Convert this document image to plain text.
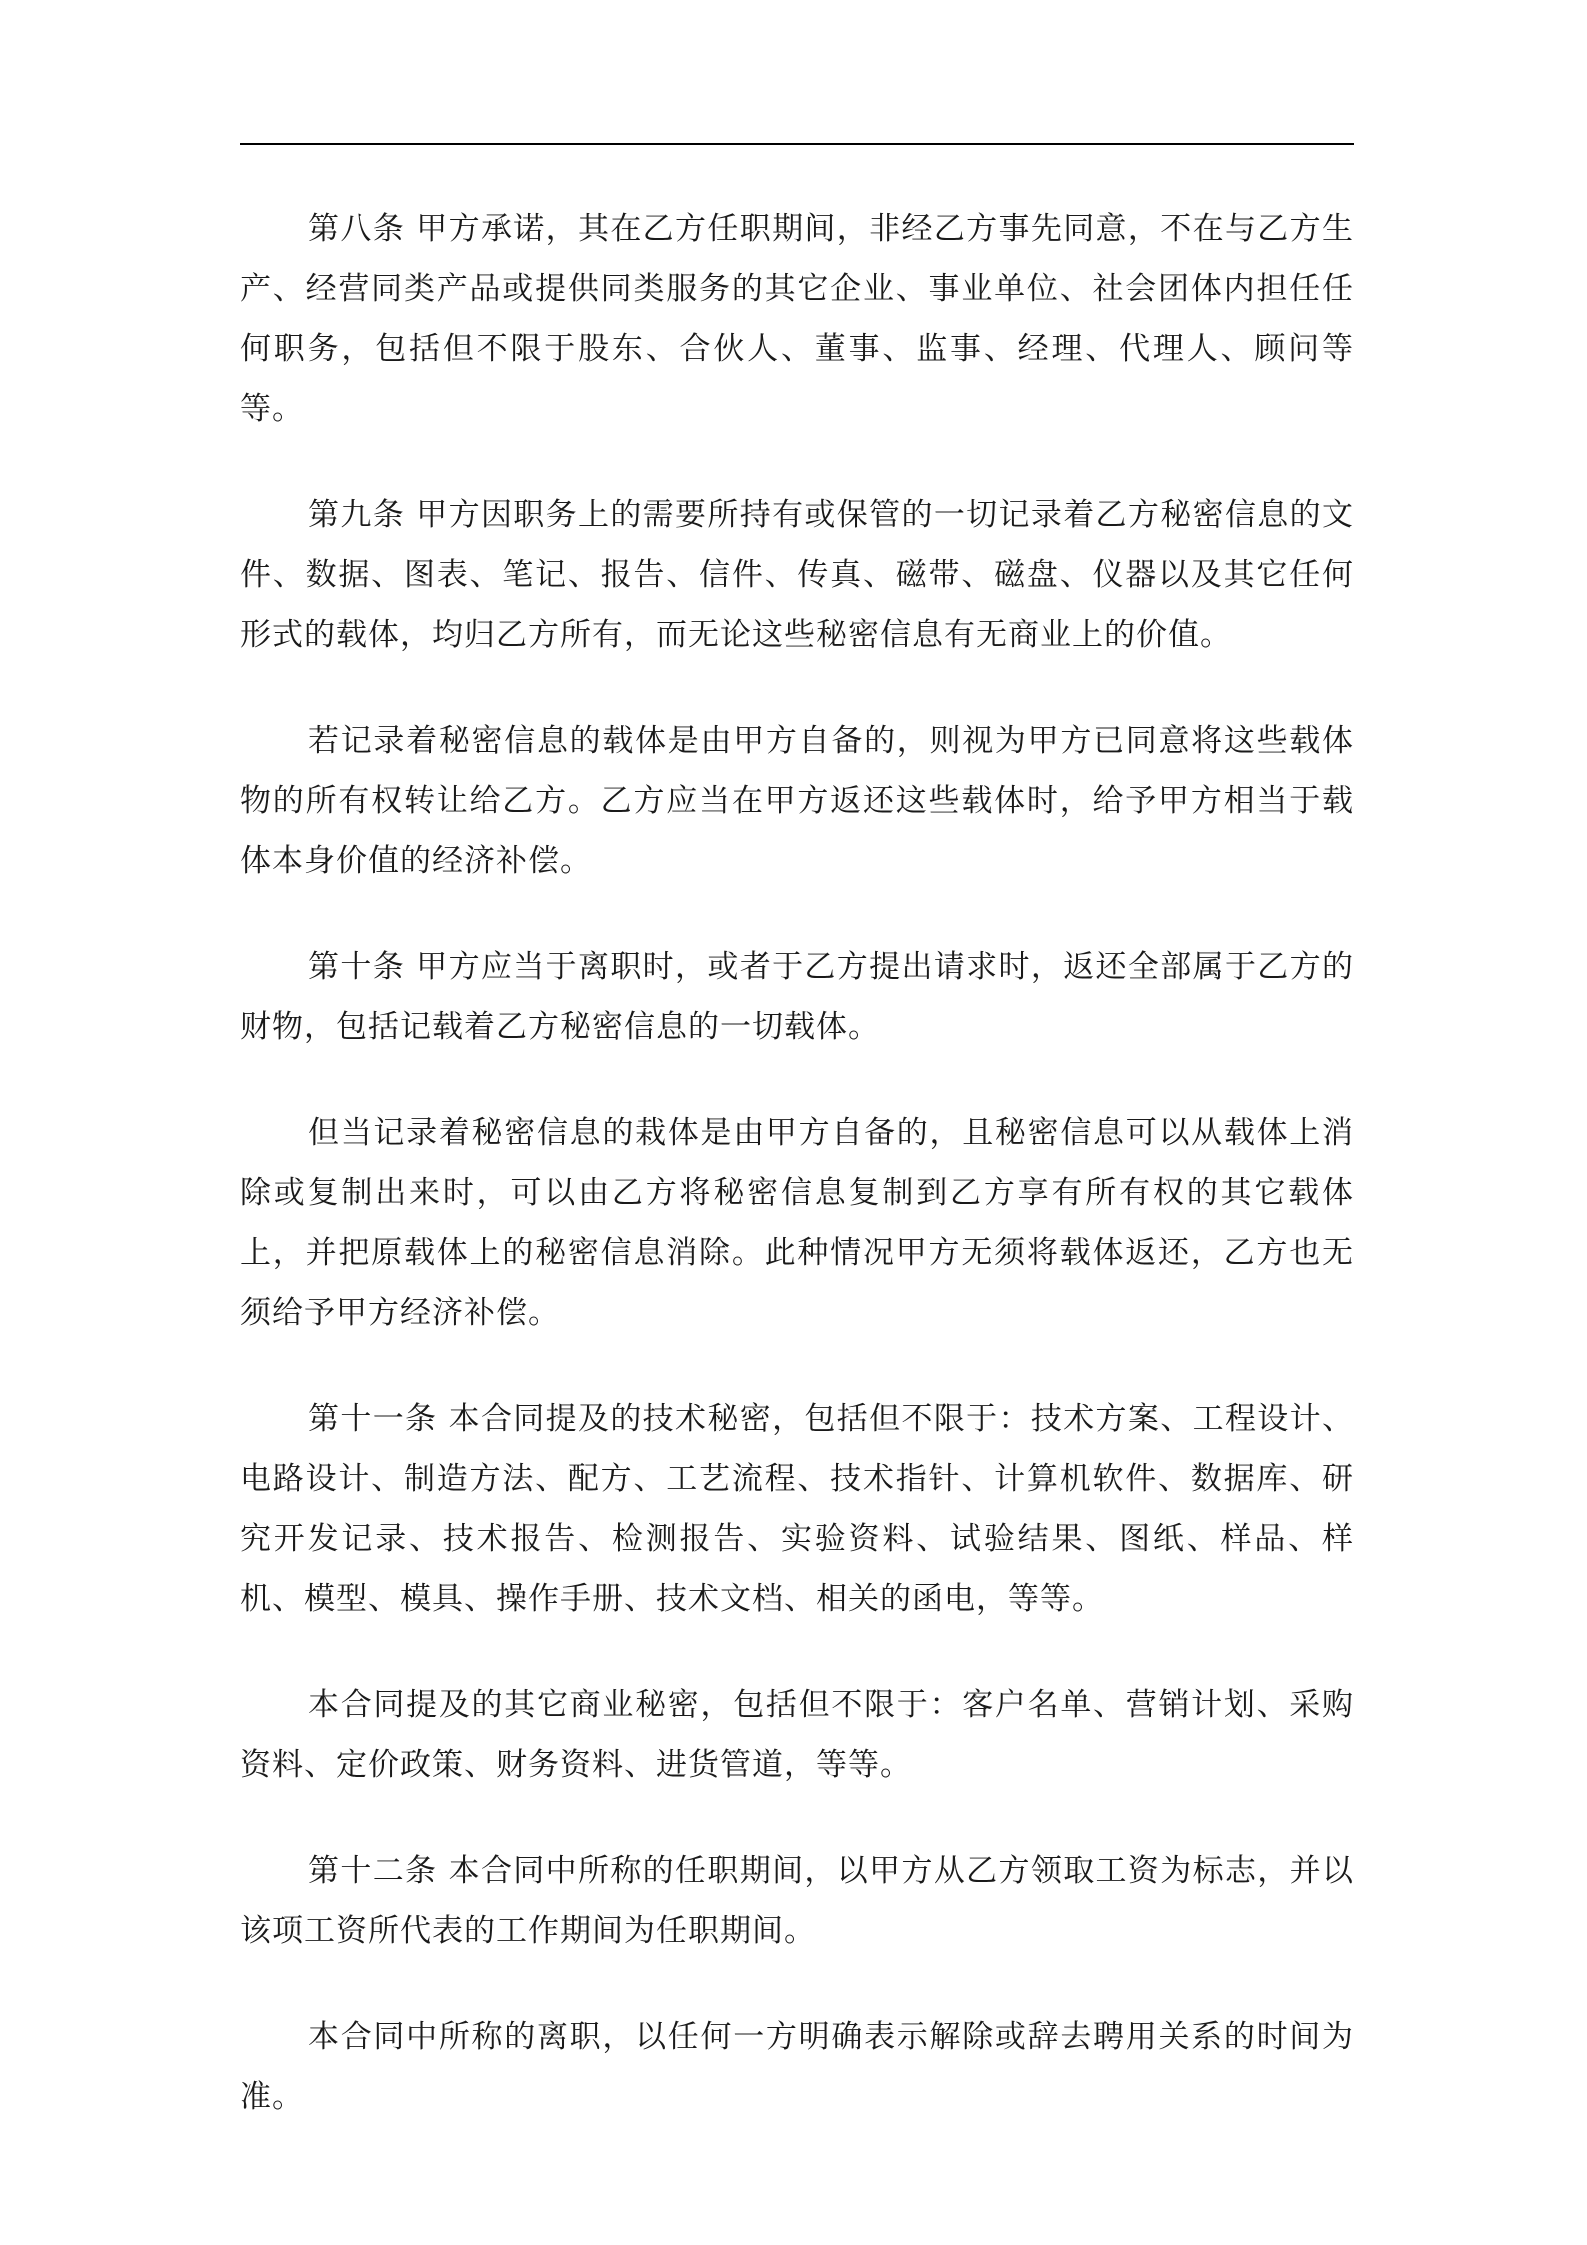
第八条 甲方承诺，其在乙方任职期间，非经乙方事先同意，不在与乙方生产、经营同类产品或提供同类服务的其它企业、事业单位、社会团体内担任任何职务，包括但不限于股东、合伙人、董事、监事、经理、代理人、顾问等等。

第九条 甲方因职务上的需要所持有或保管的一切记录着乙方秘密信息的文件、数据、图表、笔记、报告、信件、传真、磁带、磁盘、仪器以及其它任何形式的载体，均归乙方所有，而无论这些秘密信息有无商业上的价值。

若记录着秘密信息的载体是由甲方自备的，则视为甲方已同意将这些载体物的所有权转让给乙方。乙方应当在甲方返还这些载体时，给予甲方相当于载体本身价值的经济补偿。

第十条 甲方应当于离职时，或者于乙方提出请求时，返还全部属于乙方的财物，包括记载着乙方秘密信息的一切载体。

但当记录着秘密信息的栽体是由甲方自备的，且秘密信息可以从载体上消除或复制出来时，可以由乙方将秘密信息复制到乙方享有所有权的其它载体上，并把原载体上的秘密信息消除。此种情况甲方无须将载体返还，乙方也无须给予甲方经济补偿。

第十一条 本合同提及的技术秘密，包括但不限于：技术方案、工程设计、电路设计、制造方法、配方、工艺流程、技术指针、计算机软件、数据库、研究开发记录、技术报告、检测报告、实验资料、试验结果、图纸、样品、样机、模型、模具、操作手册、技术文档、相关的函电，等等。

本合同提及的其它商业秘密，包括但不限于：客户名单、营销计划、采购资料、定价政策、财务资料、进货管道，等等。

第十二条 本合同中所称的任职期间，以甲方从乙方领取工资为标志，并以该项工资所代表的工作期间为任职期间。

本合同中所称的离职，以任何一方明确表示解除或辞去聘用关系的时间为准。
